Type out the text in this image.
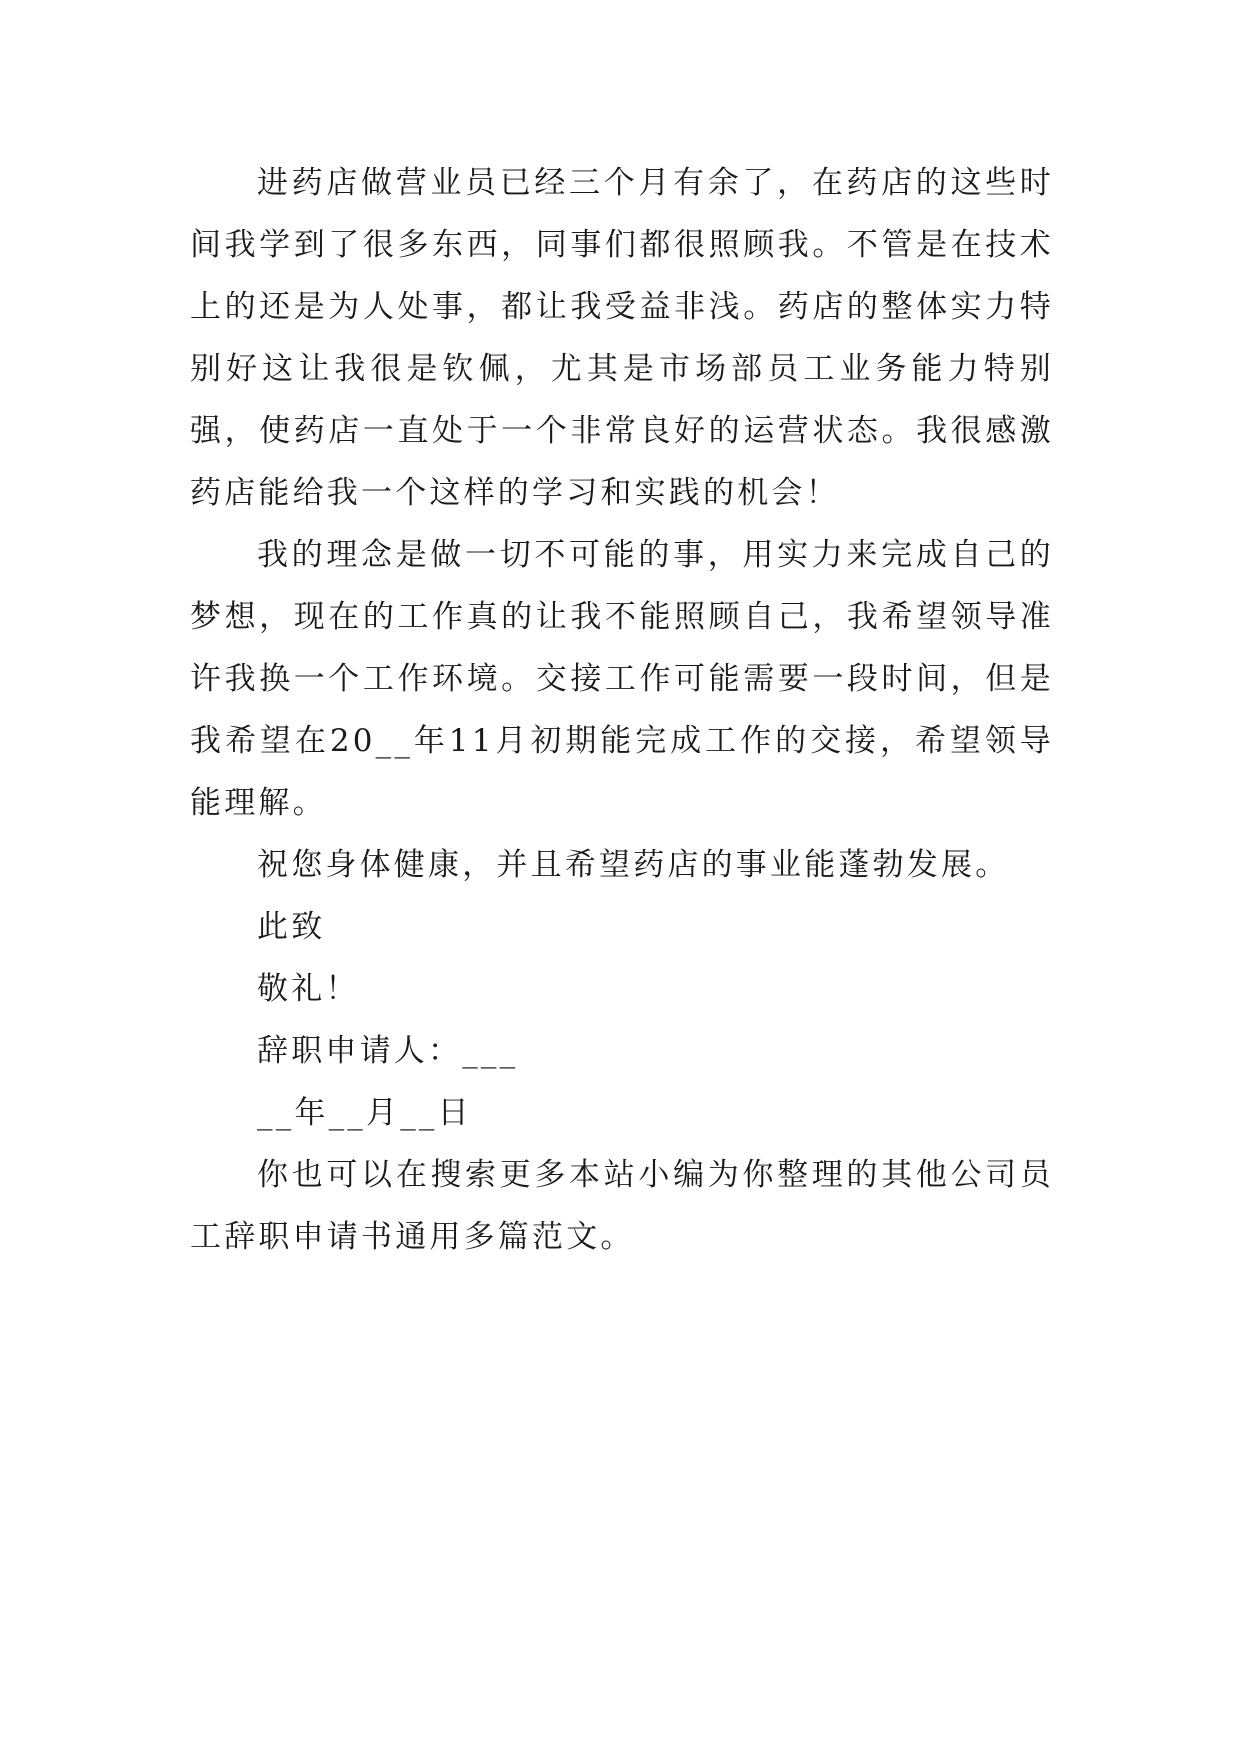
进药店做营业员已经三个月有余了，在药店的这些时间我学到了很多东西，同事们都很照顾我。不管是在技术上的还是为人处事，都让我受益非浅。药店的整体实力特别好这让我很是钦佩，尤其是市场部员工业务能力特别强，使药店一直处于一个非常良好的运营状态。我很感激药店能给我一个这样的学习和实践的机会！

我的理念是做一切不可能的事，用实力来完成自己的梦想，现在的工作真的让我不能照顾自己，我希望领导准许我换一个工作环境。交接工作可能需要一段时间，但是我希望在20__年11月初期能完成工作的交接，希望领导能理解。

祝您身体健康，并且希望药店的事业能蓬勃发展。

此致

敬礼！

辞职申请人：___

__年__月__日

你也可以在搜索更多本站小编为你整理的其他公司员工辞职申请书通用多篇范文。
